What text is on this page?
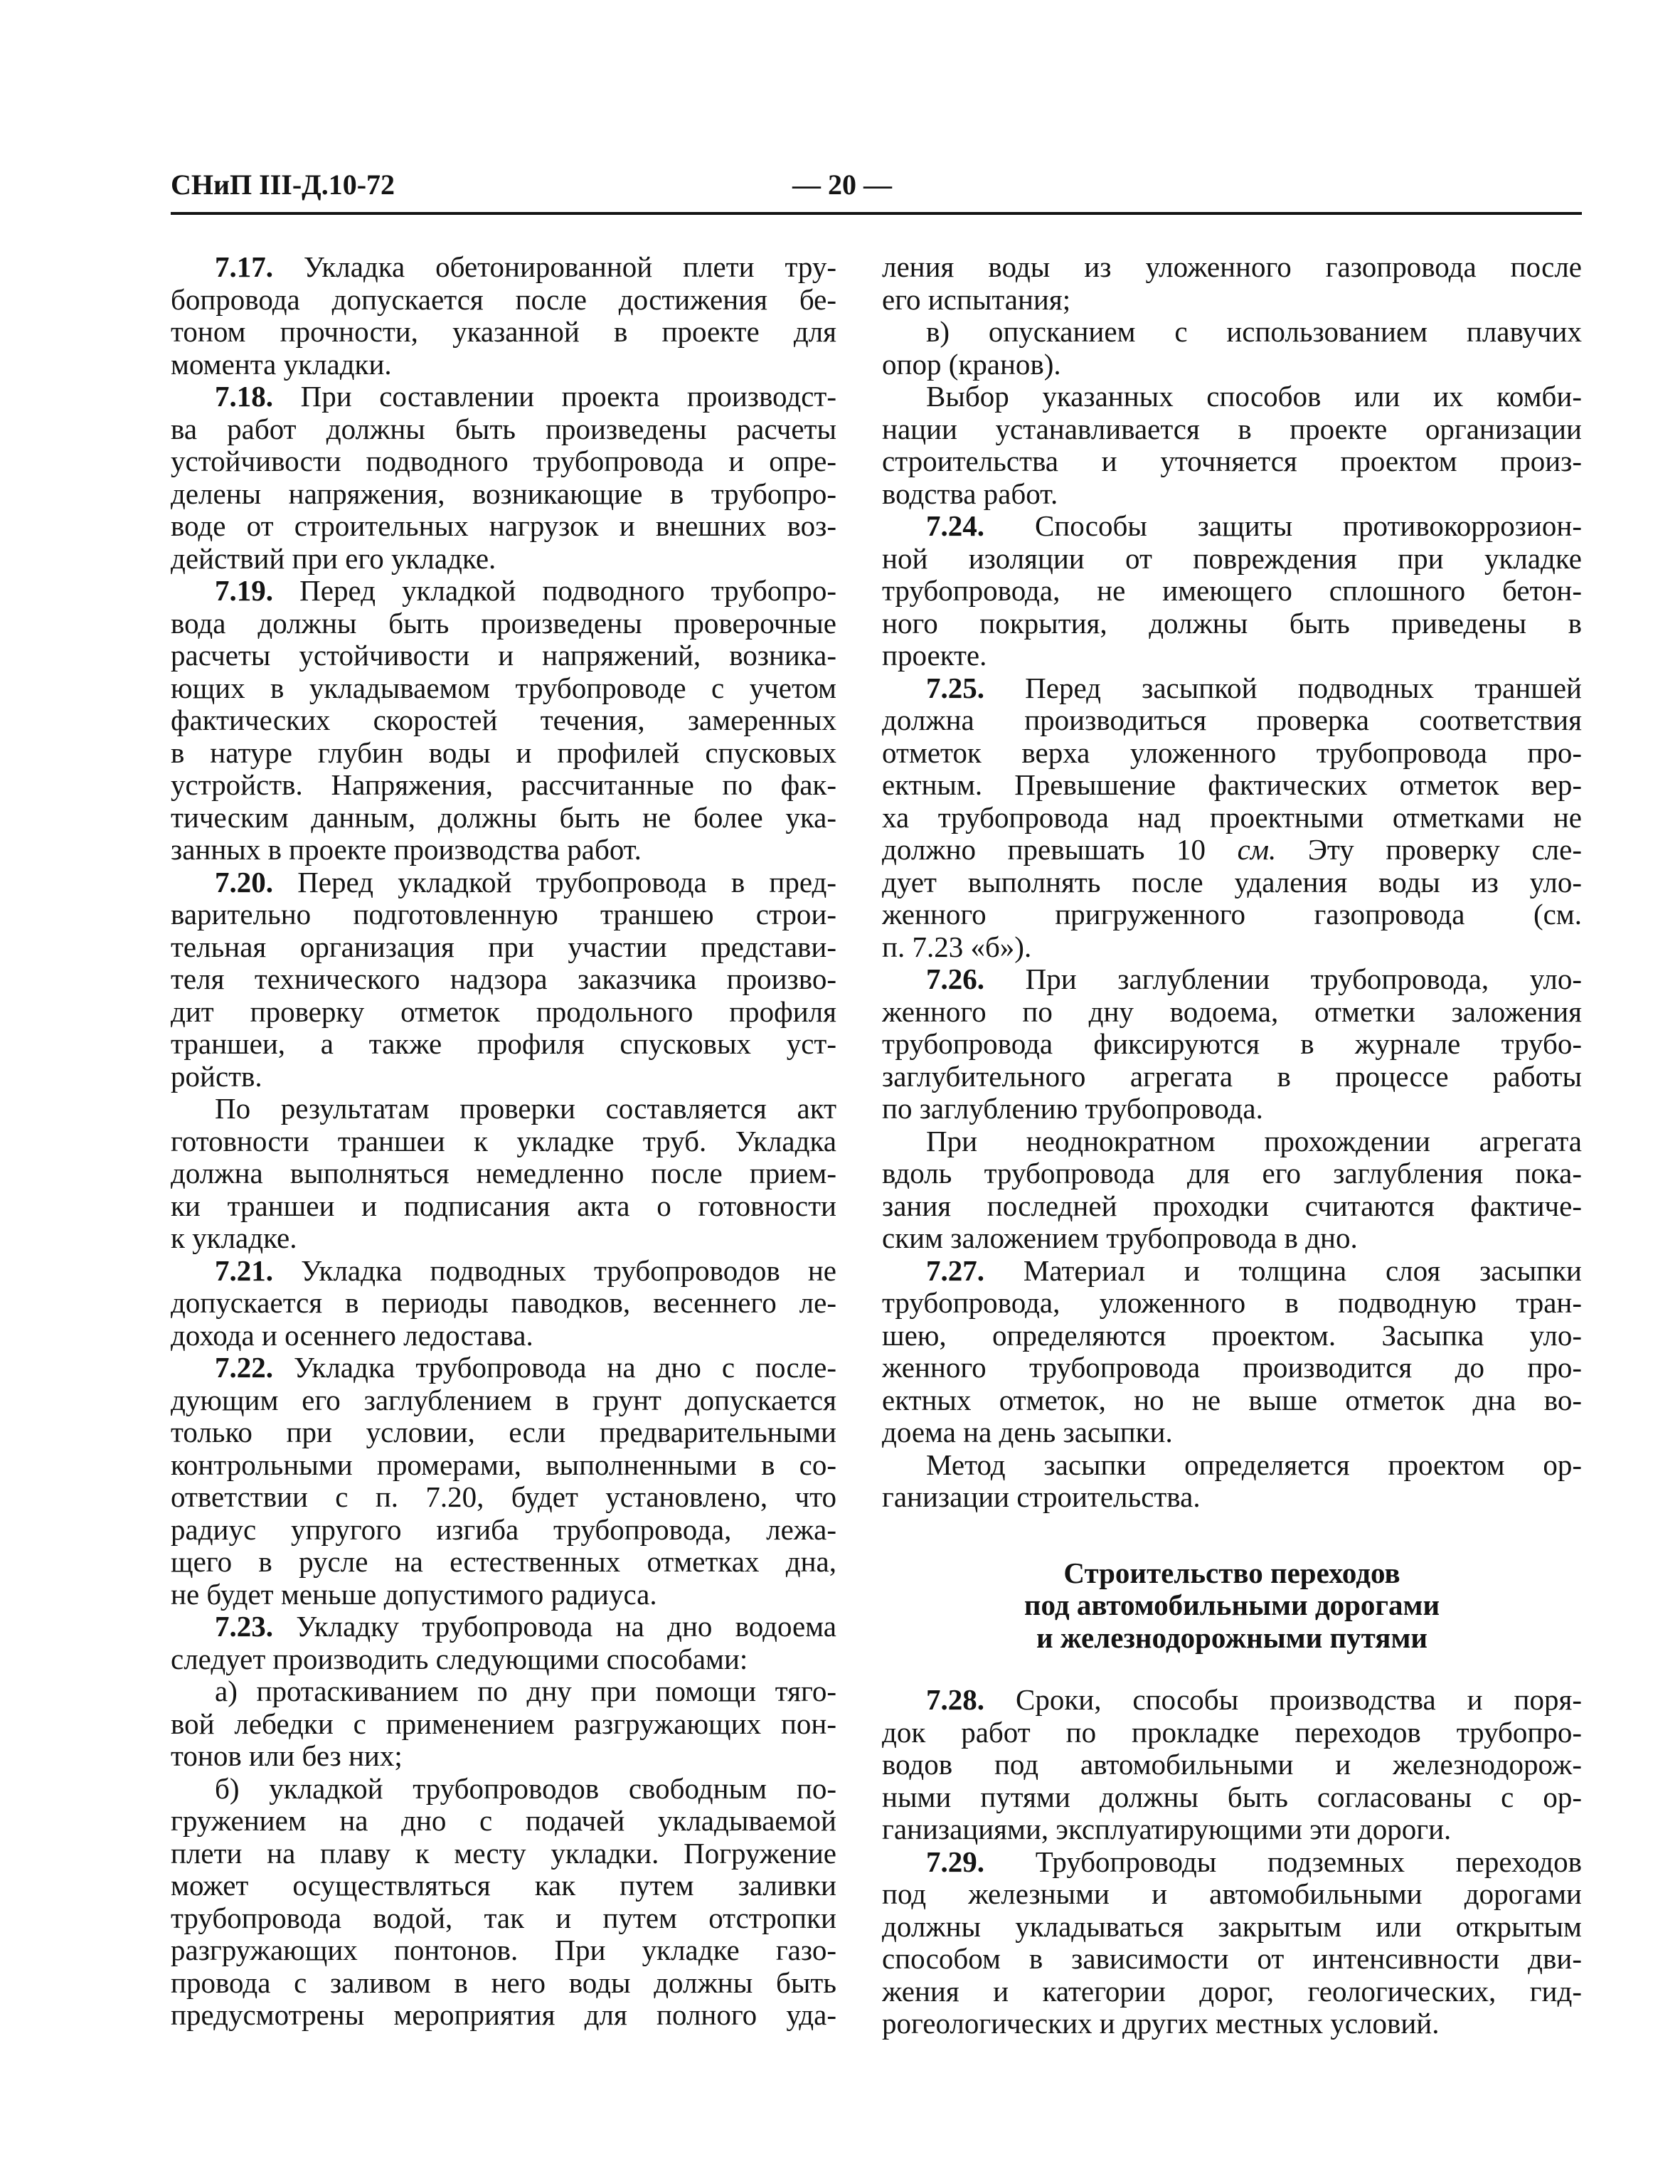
СНиП III-Д.10-72	— 20 —
7.17. Укладка обетонированной плети тру-
бопровода допускается после достижения бе-
тоном прочности, указанной в проекте для
момента укладки.
7.18. При составлении проекта производст-
ва работ должны быть произведены расчеты
устойчивости подводного трубопровода и опре-
делены напряжения, возникающие в трубопро-
воде от строительных нагрузок и внешних воз-
действий при его укладке.
7.19. Перед укладкой подводного трубопро-
вода должны быть произведены проверочные
расчеты устойчивости и напряжений, возника-
ющих в укладываемом трубопроводе с учетом
фактических скоростей течения, замеренных
в натуре глубин воды и профилей спусковых
устройств. Напряжения, рассчитанные по фак-
тическим данным, должны быть не более ука-
занных в проекте производства работ.
7.20. Перед укладкой трубопровода в пред-
варительно подготовленную траншею строи-
тельная организация при участии представи-
теля технического надзора заказчика произво-
дит проверку отметок продольного профиля
траншеи, а также профиля спусковых уст-
ройств.
По результатам проверки составляется акт
готовности траншеи к укладке труб. Укладка
должна выполняться немедленно после прием-
ки траншеи и подписания акта о готовности
к укладке.
7.21. Укладка подводных трубопроводов не
допускается в периоды паводков, весеннего ле-
дохода и осеннего ледостава.
7.22. Укладка трубопровода на дно с после-
дующим его заглублением в грунт допускается
только при условии, если предварительными
контрольными промерами, выполненными в со-
ответствии с п. 7.20, будет установлено, что
радиус упругого изгиба трубопровода, лежа-
щего в русле на естественных отметках дна,
не будет меньше допустимого радиуса.
7.23. Укладку трубопровода на дно водоема
следует производить следующими способами:
а) протаскиванием по дну при помощи тяго-
вой лебедки с применением разгружающих пон-
тонов или без них;
б) укладкой трубопроводов свободным по-
гружением на дно с подачей укладываемой
плети на плаву к месту укладки. Погружение
может осуществляться как путем заливки
трубопровода водой, так и путем отстропки
разгружающих понтонов. При укладке газо-
провода с заливом в него воды должны быть
предусмотрены мероприятия для полного уда-
ления воды из уложенного газопровода после
его испытания;
в) опусканием с использованием плавучих
опор (кранов).
Выбор указанных способов или их комби-
нации устанавливается в проекте организации
строительства и уточняется проектом произ-
водства работ.
7.24. Способы защиты противокоррозион-
ной изоляции от повреждения при укладке
трубопровода, не имеющего сплошного бетон-
ного покрытия, должны быть приведены в
проекте.
7.25. Перед засыпкой подводных траншей
должна производиться проверка соответствия
отметок верха уложенного трубопровода про-
ектным. Превышение фактических отметок вер-
ха трубопровода над проектными отметками не
должно превышать 10 см. Эту проверку сле-
дует выполнять после удаления воды из уло-
женного пригруженного газопровода (см.
п. 7.23 «б»).
7.26. При заглублении трубопровода, уло-
женного по дну водоема, отметки заложения
трубопровода фиксируются в журнале трубо-
заглубительного агрегата в процессе работы
по заглублению трубопровода.
При неоднократном прохождении агрегата
вдоль трубопровода для его заглубления пока-
зания последней проходки считаются фактиче-
ским заложением трубопровода в дно.
7.27. Материал и толщина слоя засыпки
трубопровода, уложенного в подводную тран-
шею, определяются проектом. Засыпка уло-
женного трубопровода производится до про-
ектных отметок, но не выше отметок дна во-
доема на день засыпки.
Метод засыпки определяется проектом ор-
ганизации строительства.
Строительство переходов
под автомобильными дорогами
и железнодорожными путями
7.28. Сроки, способы производства и поря-
док работ по прокладке переходов трубопро-
водов под автомобильными и железнодорож-
ными путями должны быть согласованы с ор-
ганизациями, эксплуатирующими эти дороги.
7.29. Трубопроводы подземных переходов
под железными и автомобильными дорогами
должны укладываться закрытым или открытым
способом в зависимости от интенсивности дви-
жения и категории дорог, геологических, гид-
рогеологических и других местных условий.
